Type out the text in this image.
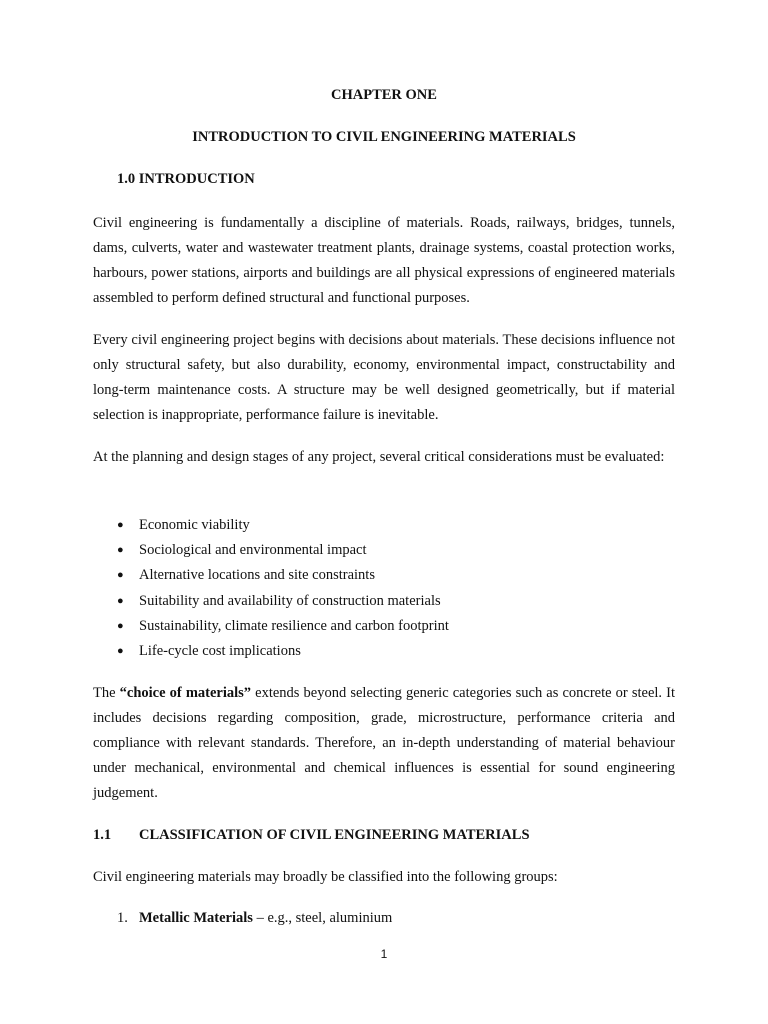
CHAPTER ONE
INTRODUCTION TO CIVIL ENGINEERING MATERIALS
1.0 INTRODUCTION

Civil engineering is fundamentally a discipline of materials. Roads, railways, bridges, tunnels, dams, culverts, water and wastewater treatment plants, drainage systems, coastal protection works, harbours, power stations, airports and buildings are all physical expressions of engineered materials assembled to perform defined structural and functional purposes.

Every civil engineering project begins with decisions about materials. These decisions influence not only structural safety, but also durability, economy, environmental impact, constructability and long-term maintenance costs. A structure may be well designed geometrically, but if material selection is inappropriate, performance failure is inevitable.

At the planning and design stages of any project, several critical considerations must be evaluated:

● Economic viability
● Sociological and environmental impact
● Alternative locations and site constraints
● Suitability and availability of construction materials
● Sustainability, climate resilience and carbon footprint
● Life-cycle cost implications

The “choice of materials” extends beyond selecting generic categories such as concrete or steel. It includes decisions regarding composition, grade, microstructure, performance criteria and compliance with relevant standards. Therefore, an in-depth understanding of material behaviour under mechanical, environmental and chemical influences is essential for sound engineering judgement.

1.1 CLASSIFICATION OF CIVIL ENGINEERING MATERIALS
Civil engineering materials may broadly be classified into the following groups:
1. Metallic Materials – e.g., steel, aluminium
1
